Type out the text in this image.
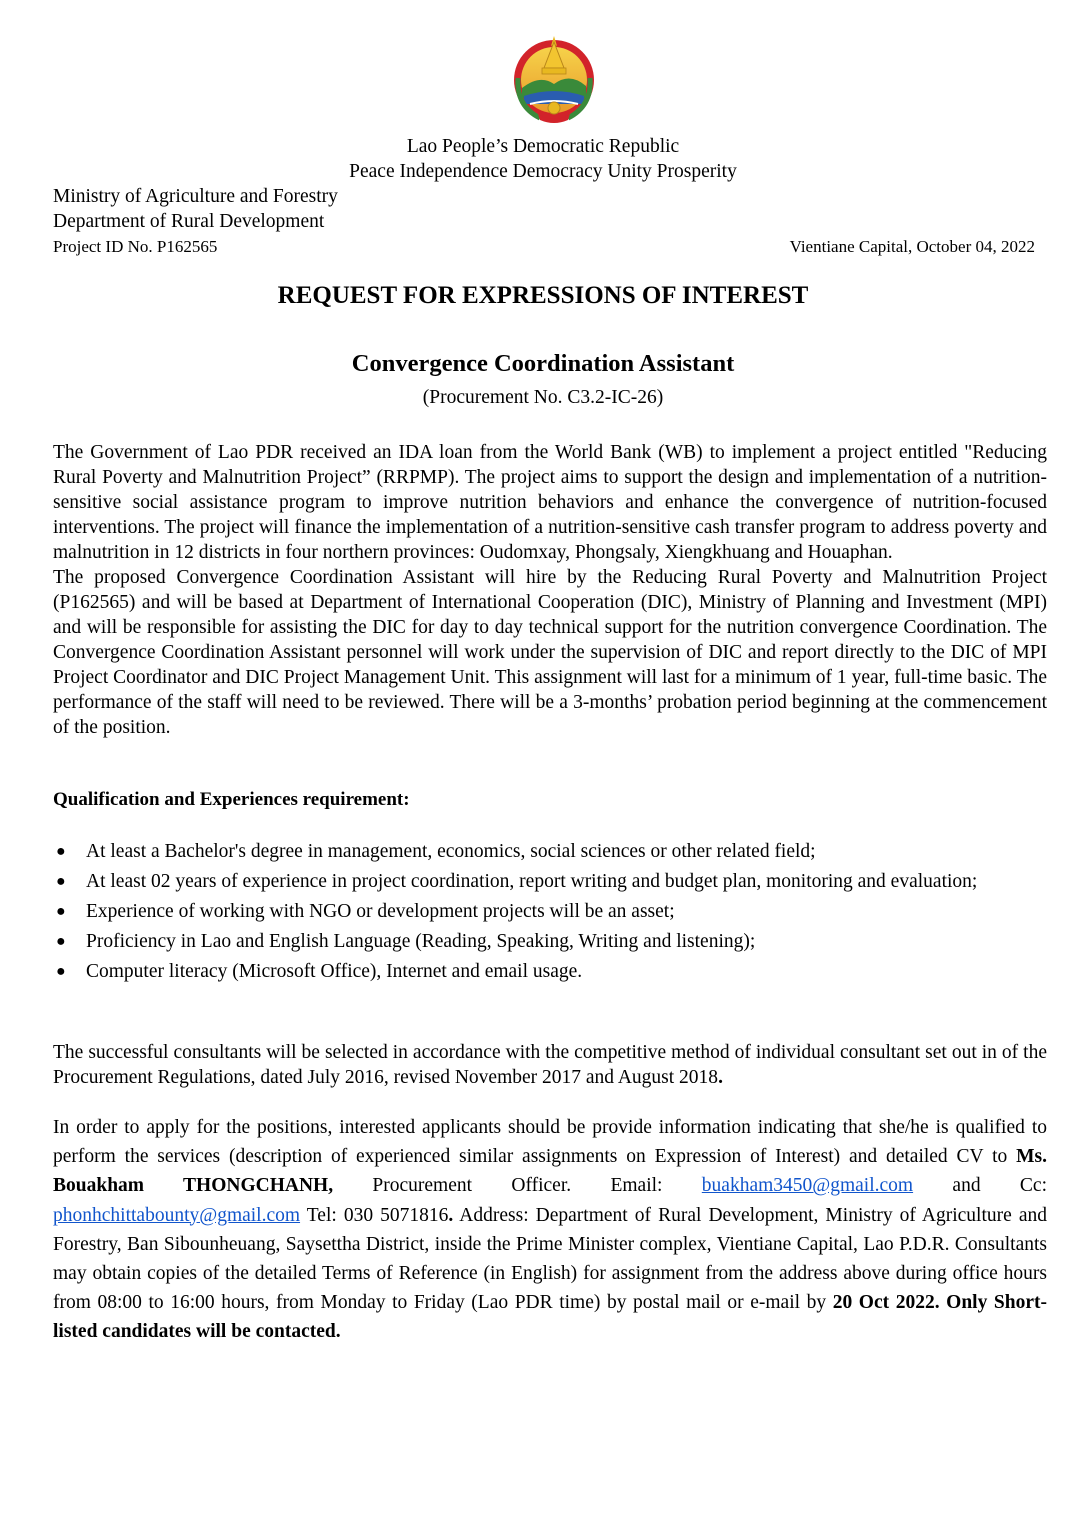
Lao People’s Democratic Republic
Peace Independence Democracy Unity Prosperity
Ministry of Agriculture and Forestry
Department of Rural Development
Project ID No. P162565	Vientiane Capital, October 04, 2022
REQUEST FOR EXPRESSIONS OF INTEREST
Convergence Coordination Assistant
(Procurement No. C3.2-IC-26)

The Government of Lao PDR received an IDA loan from the World Bank (WB) to implement a project entitled "Reducing Rural Poverty and Malnutrition Project” (RRPMP). The project aims to support the design and implementation of a nutrition-sensitive social assistance program to improve nutrition behaviors and enhance the convergence of nutrition-focused interventions. The project will finance the implementation of a nutrition-sensitive cash transfer program to address poverty and malnutrition in 12 districts in four northern provinces: Oudomxay, Phongsaly, Xiengkhuang and Houaphan.

The proposed Convergence Coordination Assistant will hire by the Reducing Rural Poverty and Malnutrition Project (P162565) and will be based at Department of International Cooperation (DIC), Ministry of Planning and Investment (MPI) and will be responsible for assisting the DIC for day to day technical support for the nutrition convergence Coordination. The Convergence Coordination Assistant personnel will work under the supervision of DIC and report directly to the DIC of MPI Project Coordinator and DIC Project Management Unit. This assignment will last for a minimum of 1 year, full-time basic. The performance of the staff will need to be reviewed. There will be a 3-months’ probation period beginning at the commencement of the position.

Qualification and Experiences requirement:
● At least a Bachelor's degree in management, economics, social sciences or other related field;
● At least 02 years of experience in project coordination, report writing and budget plan, monitoring and evaluation;
● Experience of working with NGO or development projects will be an asset;
● Proficiency in Lao and English Language (Reading, Speaking, Writing and listening);
● Computer literacy (Microsoft Office), Internet and email usage.

The successful consultants will be selected in accordance with the competitive method of individual consultant set out in of the Procurement Regulations, dated July 2016, revised November 2017 and August 2018.

In order to apply for the positions, interested applicants should be provide information indicating that she/he is qualified to perform the services (description of experienced similar assignments on Expression of Interest) and detailed CV to Ms. Bouakham THONGCHANH, Procurement Officer. Email: buakham3450@gmail.com and Cc: phonhchittabounty@gmail.com Tel: 030 5071816. Address: Department of Rural Development, Ministry of Agriculture and Forestry, Ban Sibounheuang, Saysettha District, inside the Prime Minister complex, Vientiane Capital, Lao P.D.R. Consultants may obtain copies of the detailed Terms of Reference (in English) for assignment from the address above during office hours from 08:00 to 16:00 hours, from Monday to Friday (Lao PDR time) by postal mail or e-mail by 20 Oct 2022. Only Short-listed candidates will be contacted.
